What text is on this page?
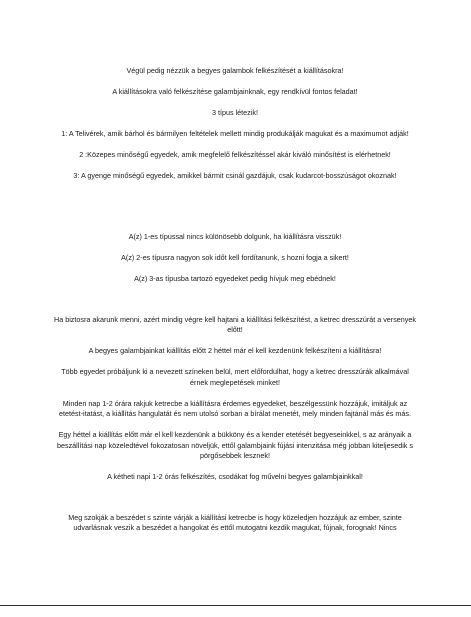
Végül pedig nézzük a begyes galambok felkészítését a kiállításokra!

A kiállításokra való felkészítése galambjainknak, egy rendkívül fontos feladat!

3 típus létezik!

1: A Telivérek, amik bárhol és bármilyen feltételek mellett mindig produkálják magukat és a maximumot adják!

2 :Közepes minőségű egyedek, amik megfelelő felkészítéssel akár kiváló minősítést is elérhetnek!

3: A gyenge minőségű egyedek, amikkel bármit csinál gazdájuk, csak kudarcot-bosszúságot okoznak!

A(z) 1-es típussal nincs különösebb dolgunk, ha kiállításra visszük!

A(z) 2-es típusra nagyon sok időt kell fordítanunk, s hozni fogja a sikert!

A(z) 3-as típusba tartozó egyedeket pedig hívjuk meg ebédnek!

Ha biztosra akarunk menni, azért mindig végre kell hajtani a kiállítási felkészítést, a ketrec dresszúrát a versenyek előtt!

A begyes galambjainkat kiállítás előtt 2 héttel már el kell kezdenünk felkészíteni a kiállításra!

Több egyedet próbáljunk ki a nevezett színeken belül, mert előfordulhat, hogy a ketrec dresszúrák alkalmával érnek meglepetések minket!

Minden nap 1-2 órára rakjuk ketrecbe a kiállításra érdemes egyedeket, beszélgessünk hozzájuk, imitáljuk az etetést-itatást, a kiállítás hangulatát és nem utolsó sorban a bírálat menetét, mely minden fajtánál más és más.

Egy héttel a kiállítás előtt már el kell kezdenünk a bükköny és a kender etetését begyeseinkkel, s az arányaik a beszállítási nap közeledtével fokozatosan növeljük, ettől galambjaink fújási intenzitása még jobban kiteljesedik s pörgősebbek lesznek!

A kétheti napi 1-2 órás felkészítés, csodákat fog művelni begyes galambjainkkal!

Meg szokják a beszédet s szinte várják a kiállítási ketrecbe is hogy közeledjen hozzájuk az ember, szinte udvarlásnak veszik a beszédet a hangokat és ettől mutogatni kezdik magukat, fújnak, forognak! Nincs
